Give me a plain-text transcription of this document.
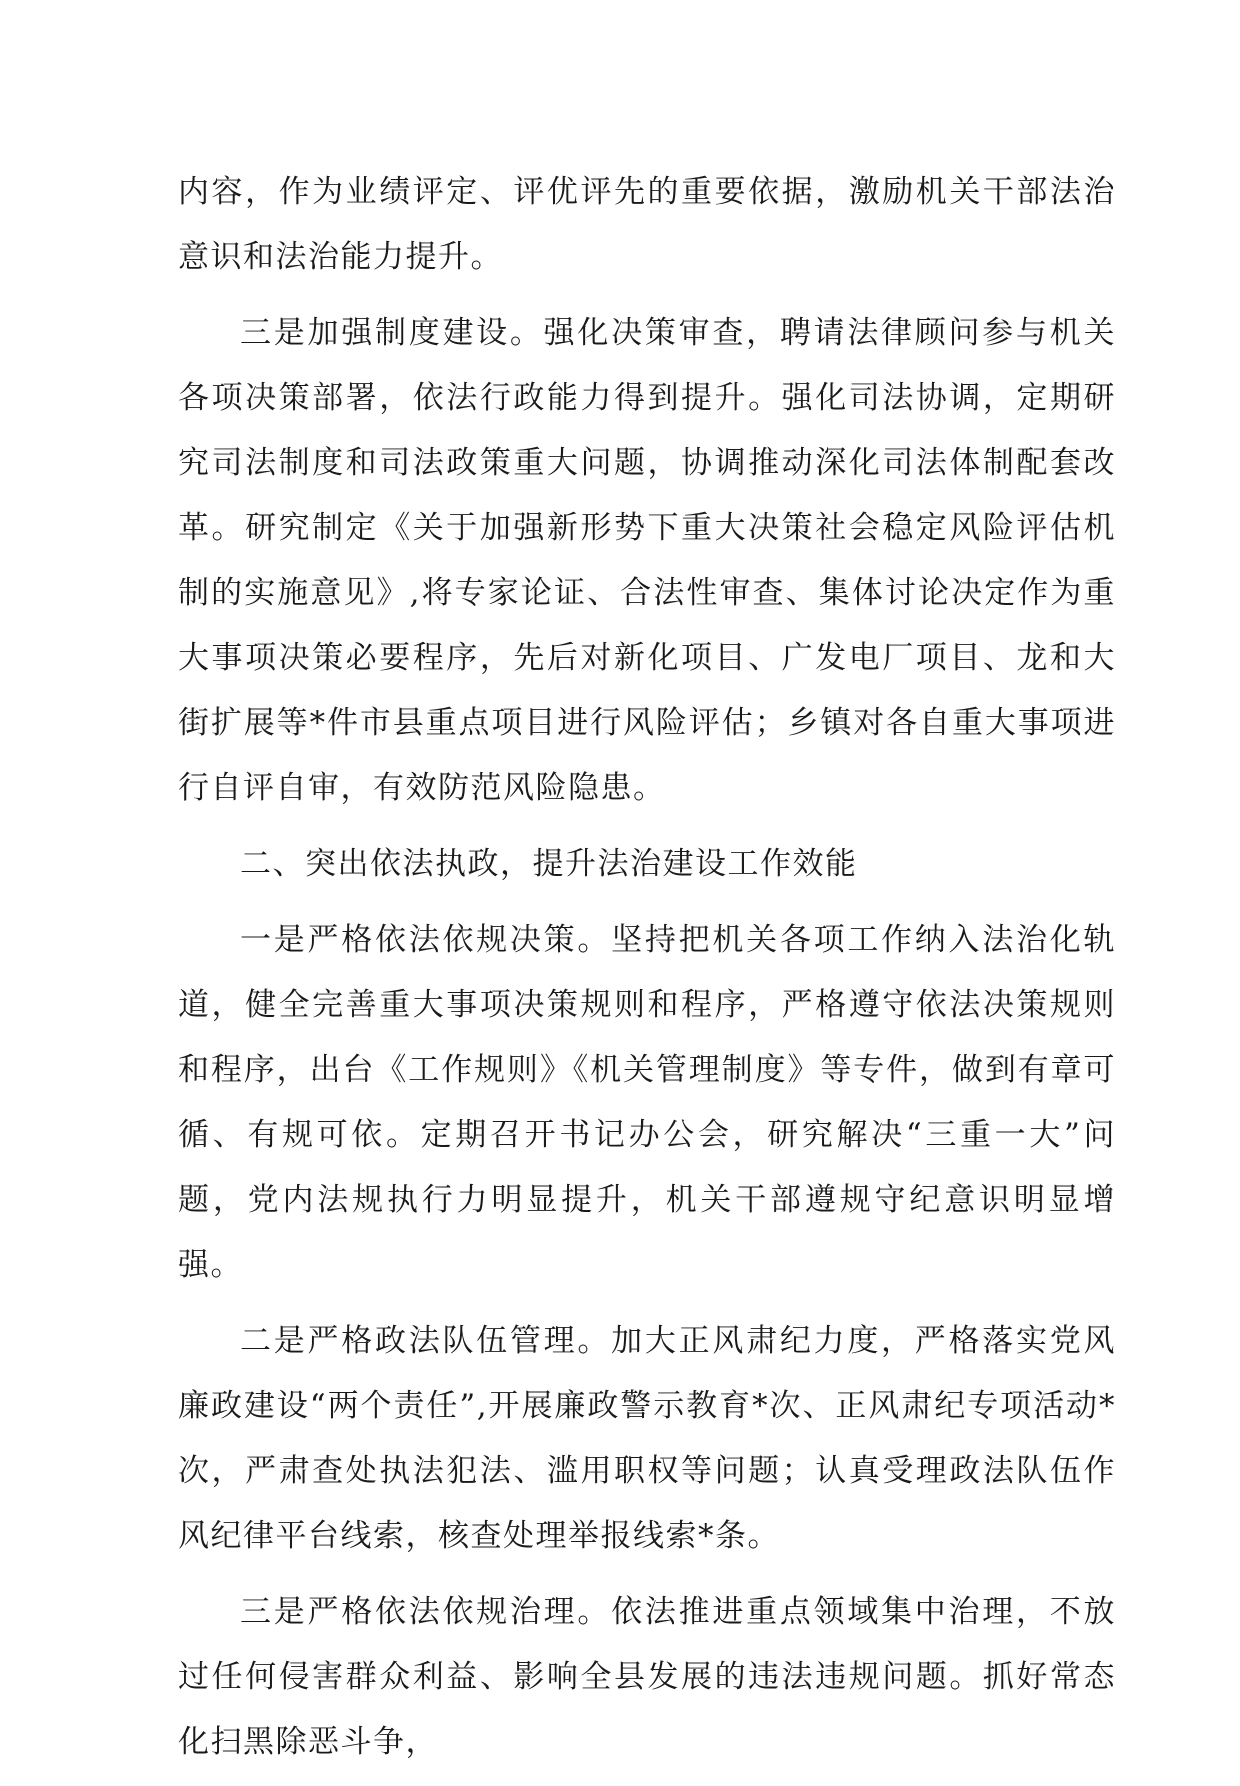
内容，作为业绩评定、评优评先的重要依据，激励机关干部法治意识和法治能力提升。

三是加强制度建设。强化决策审查，聘请法律顾问参与机关各项决策部署，依法行政能力得到提升。强化司法协调，定期研究司法制度和司法政策重大问题，协调推动深化司法体制配套改革。研究制定《关于加强新形势下重大决策社会稳定风险评估机制的实施意见》,将专家论证、合法性审查、集体讨论决定作为重大事项决策必要程序，先后对新化项目、广发电厂项目、龙和大街扩展等*件市县重点项目进行风险评估；乡镇对各自重大事项进行自评自审，有效防范风险隐患。

二、突出依法执政，提升法治建设工作效能

一是严格依法依规决策。坚持把机关各项工作纳入法治化轨道，健全完善重大事项决策规则和程序，严格遵守依法决策规则和程序，出台《工作规则》《机关管理制度》等专件，做到有章可循、有规可依。定期召开书记办公会，研究解决“三重一大”问题，党内法规执行力明显提升，机关干部遵规守纪意识明显增强。

二是严格政法队伍管理。加大正风肃纪力度，严格落实党风廉政建设“两个责任”,开展廉政警示教育*次、正风肃纪专项活动*次，严肃查处执法犯法、滥用职权等问题；认真受理政法队伍作风纪律平台线索，核查处理举报线索*条。

三是严格依法依规治理。依法推进重点领域集中治理，不放过任何侵害群众利益、影响全县发展的违法违规问题。抓好常态化扫黑除恶斗争，
